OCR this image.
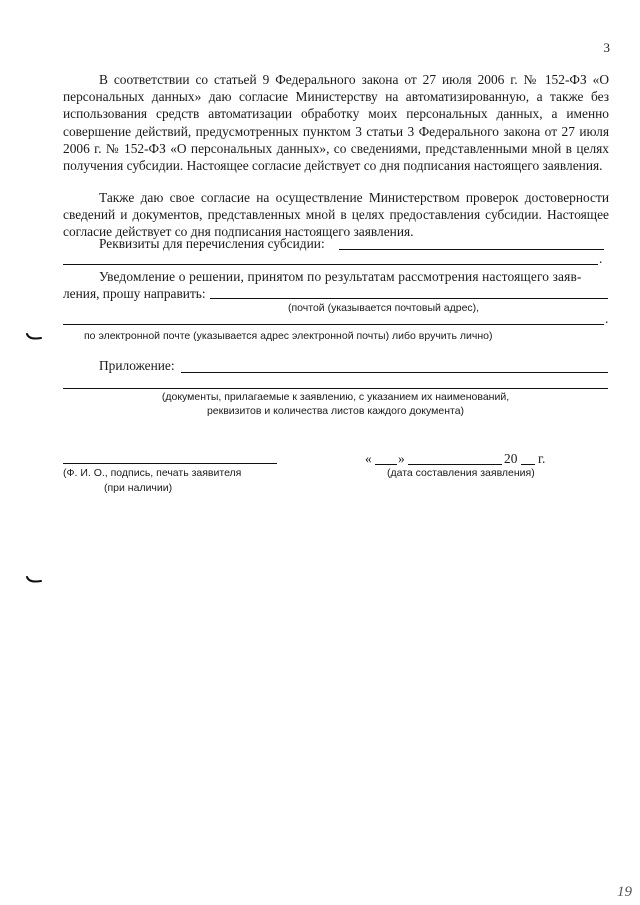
3

В соответствии со статьей 9 Федерального закона от 27 июля 2006 г. № 152-ФЗ «О персональных данных» даю согласие Министерству на автоматизированную, а также без использования средств автоматизации обработку моих персональных данных, а именно совершение действий, предусмотренных пунктом 3 статьи 3 Федерального закона от 27 июля 2006 г. № 152-ФЗ «О персональных данных», со сведениями, представленными мной в целях получения субсидии. Настоящее согласие действует со дня подписания настоящего заявления.

Также даю свое согласие на осуществление Министерством проверок достоверности сведений и документов, представленных мной в целях предоставления субсидии. Настоящее согласие действует со дня подписания настоящего заявления.

Реквизиты для перечисления субсидии:
.
Уведомление о решении, принятом по результатам рассмотрения настоящего заяв-
ления, прошу направить:
(почтой (указывается почтовый адрес),
.
по электронной почте (указывается адрес электронной почты) либо вручить лично)
Приложение:
(документы, прилагаемые к заявлению, с указанием их наименований,
реквизитов и количества листов каждого документа)
(Ф. И. О., подпись, печать заявителя
(при наличии)
« »	20 г.
(дата составления заявления)
19
